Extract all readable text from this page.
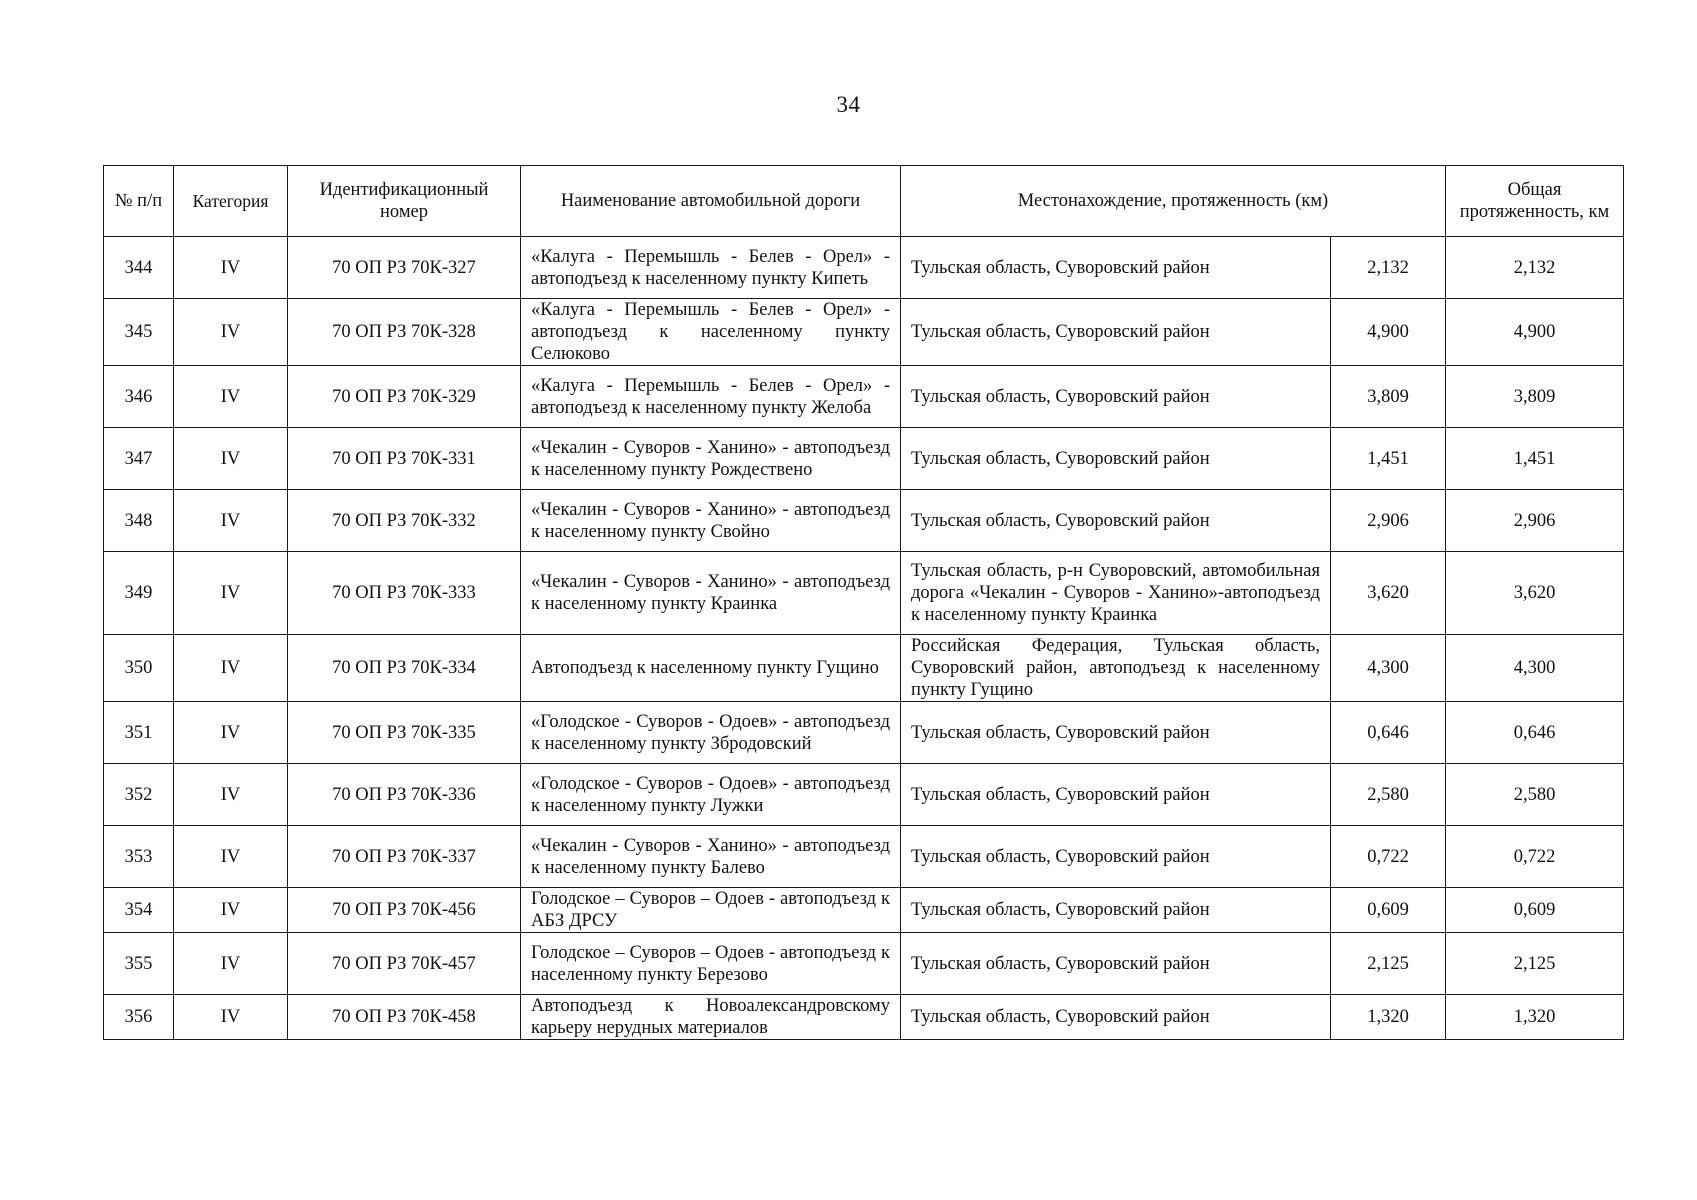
34
№ п/п	Категория	Идентификационный номер	Наименование автомобильной дороги	Местонахождение, протяженность (км)		Общая протяженность, км
344	IV	70 ОП РЗ 70К-327	«Калуга - Перемышль - Белев - Орел» - автоподъезд к населенному пункту Кипеть	Тульская область, Суворовский район	2,132	2,132
345	IV	70 ОП РЗ 70К-328	«Калуга - Перемышль - Белев - Орел» - автоподъезд к населенному пункту Селюково	Тульская область, Суворовский район	4,900	4,900
346	IV	70 ОП РЗ 70К-329	«Калуга - Перемышль - Белев - Орел» - автоподъезд к населенному пункту Желоба	Тульская область, Суворовский район	3,809	3,809
347	IV	70 ОП РЗ 70К-331	«Чекалин - Суворов - Ханино» - автоподъезд к населенному пункту Рождествено	Тульская область, Суворовский район	1,451	1,451
348	IV	70 ОП РЗ 70К-332	«Чекалин - Суворов - Ханино» - автоподъезд к населенному пункту Свойно	Тульская область, Суворовский район	2,906	2,906
349	IV	70 ОП РЗ 70К-333	«Чекалин - Суворов - Ханино» - автоподъезд к населенному пункту Краинка	Тульская область, р-н Суворовский, автомобильная дорога «Чекалин - Суворов - Ханино»-автоподъезд к населенному пункту Краинка	3,620	3,620
350	IV	70 ОП РЗ 70К-334	Автоподъезд к населенному пункту Гущино	Российская Федерация, Тульская область, Суворовский район, автоподъезд к населенному пункту Гущино	4,300	4,300
351	IV	70 ОП РЗ 70К-335	«Голодское - Суворов - Одоев» - автоподъезд к населенному пункту Збродовский	Тульская область, Суворовский район	0,646	0,646
352	IV	70 ОП РЗ 70К-336	«Голодское - Суворов - Одоев» - автоподъезд к населенному пункту Лужки	Тульская область, Суворовский район	2,580	2,580
353	IV	70 ОП РЗ 70К-337	«Чекалин - Суворов - Ханино» - автоподъезд к населенному пункту Балево	Тульская область, Суворовский район	0,722	0,722
354	IV	70 ОП РЗ 70К-456	Голодское – Суворов – Одоев - автоподъезд к АБЗ ДРСУ	Тульская область, Суворовский район	0,609	0,609
355	IV	70 ОП РЗ 70К-457	Голодское – Суворов – Одоев - автоподъезд к населенному пункту Березово	Тульская область, Суворовский район	2,125	2,125
356	IV	70 ОП РЗ 70К-458	Автоподъезд к Новоалександровскому карьеру нерудных материалов	Тульская область, Суворовский район	1,320	1,320
